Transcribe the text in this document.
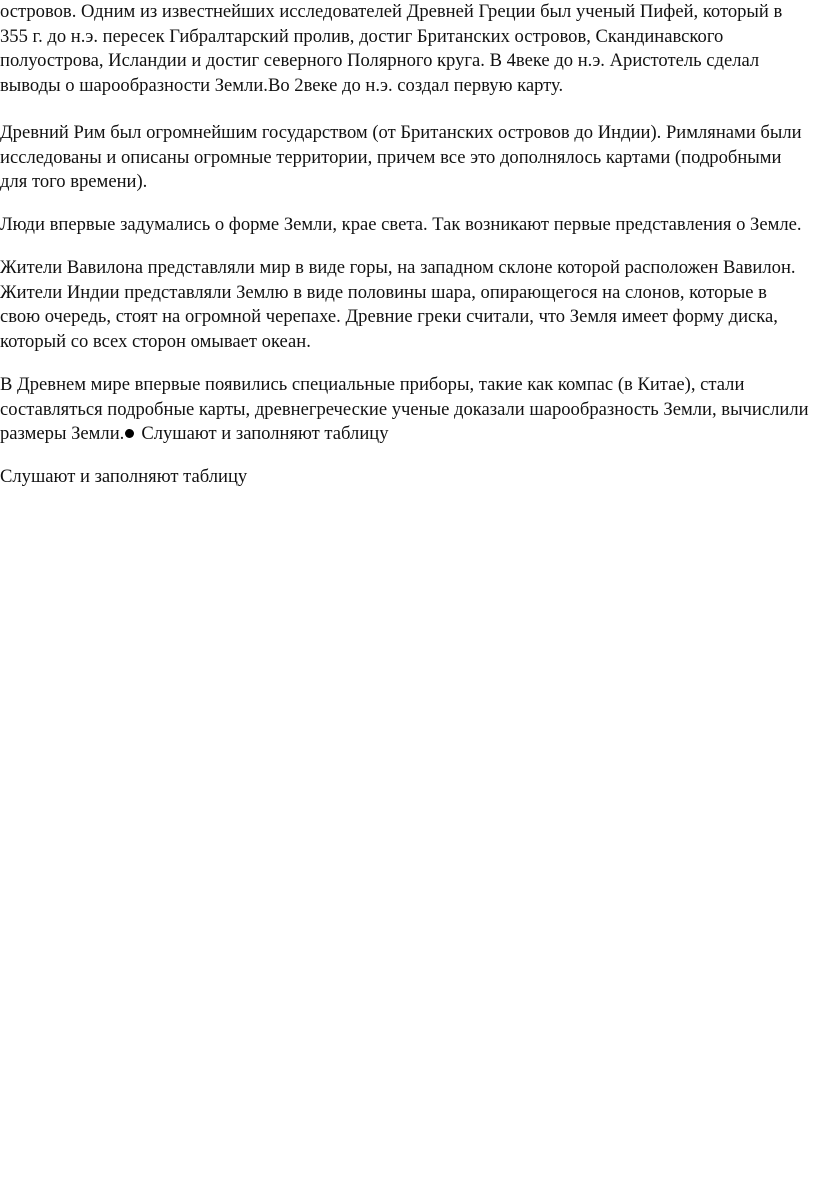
островов. Одним из известнейших исследователей Древней Греции был ученый Пифей, который в 355 г. до н.э. пересек Гибралтарский пролив, достиг Британских островов, Скандинавского полуострова, Исландии и достиг северного Полярного круга. В 4веке до н.э. Аристотель сделал выводы о шарообразности Земли.Во 2веке до н.э. создал первую карту.

Древний Рим был огромнейшим государством (от Британских островов до Индии). Римлянами были исследованы и описаны огромные территории, причем все это дополнялось картами (подробными для того времени).

Люди впервые задумались о форме Земли, крае света. Так возникают первые представления о Земле.

Жители Вавилона представляли мир в виде горы, на западном склоне которой расположен Вавилон. Жители Индии представляли Землю в виде половины шара, опирающегося на слонов, которые в свою очередь, стоят на огромной черепахе. Древние греки считали, что Земля имеет форму диска, который со всех сторон омывает океан.

В Древнем мире впервые появились специальные приборы, такие как компас (в Китае), стали составляться подробные карты, древнегреческие ученые доказали шарообразность Земли, вычислили размеры Земли. Слушают и заполняют таблицу

Слушают и заполняют таблицу
